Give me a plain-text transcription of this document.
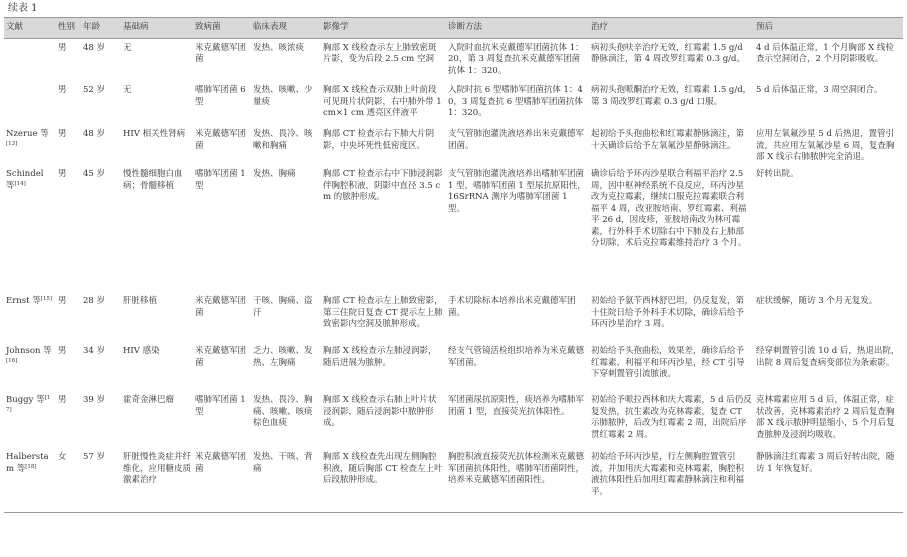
续表 1
文献	性别	年龄	基础病	致病菌	临床表现	影像学	诊断方法	治疗	预后
	男	48 岁	无	米克戴德军团菌	发热、咳浓痰	胸部 X 线检查示左上肺致密斑片影，变为后段 2.5 cm 空洞	入院时血抗米克戴德军团菌抗体 1：20，第 3 周复查抗米克戴德军团菌抗体 1：320。	病初头孢呋辛治疗无效，红霉素 1.5 g/d 静脉滴注，第 4 周改罗红霉素 0.3 g/d。	4 d 后体温正常，1 个月胸部 X 线检查示空洞闭合，2 个月阴影吸收。
	男	52 岁	无	嗜肺军团菌 6 型	发热、咳嗽、少量痰	胸部 X 线检查示双肺上叶前段可见斑片状阴影，右中肺外带 1 cm×1 cm 透亮区伴液平	入院时抗 6 型嗜肺军团菌抗体 1：40，3 周复查抗 6 型嗜肺军团菌抗体 1：320。	病初头孢哌酮治疗无效，红霉素 1.5 g/d，第 3 周改罗红霉素 0.3 g/d 口服。	5 d 后体温正常，3 周空洞闭合。
Nzerue 等[13]	男	48 岁	HIV 相关性肾病	米克戴德军团菌	发热、畏冷、咳嗽和胸痛	胸部 CT 检查示右下肺大片阴影，中央坏死性低密度区。	支气管肺泡灌洗液培养出米克戴德军团菌。	起初给予头孢曲松和红霉素静脉滴注，第十天确诊后给予左氧氟沙星静脉滴注。	应用左氧氟沙星 5 d 后热退，置管引流，共应用左氧氟沙星 6 周，复查胸部 X 线示右肺脓肿完全消退。
Schindel 等[14]	男	45 岁	慢性髓细胞白血病；骨髓移植	嗜肺军团菌 1 型	发热、胸痛	胸部 CT 检查示右中下肺浸润影伴胸腔积液，阴影中直径 3.5 cm 的脓肿形成。	支气管肺泡灌洗液培养出嗜肺军团菌 1 型，嗜肺军团菌 1 型尿抗原阳性，16SrRNA 测序为嗜肺军团菌 1 型。	确诊后给予环丙沙星联合利福平治疗 2.5 周，因中枢神经系统不良反应，环丙沙星改为克拉霉素，继续口服克拉霉素联合利福平 4 周，改亚胺培南、罗红霉素、利福平 26 d，因皮疹，亚胺培南改为林可霉素，行外科手术切除右中下肺及右上肺部分切除，术后克拉霉素维持治疗 3 个月。	好转出院。
Ernst 等[15]	男	28 岁	肝脏移植	米克戴德军团菌	干咳、胸痛、盗汗	胸部 CT 检查示左上肺致密影，第三住院日复查 CT 提示左上肺致密影内空洞及脓肿形成。	手术切除标本培养出米克戴德军团菌。	初始给予氨苄西林舒巴坦，仍反复发，第十住院日给予外科手术切除，确诊后给予环丙沙星治疗 3 周。	症状缓解，随访 3 个月无复发。
Johnson 等[16]	男	34 岁	HIV 感染	米克戴德军团菌	乏力、咳嗽、发热、左胸痛	胸部 X 线检查示左肺浸润影，随后进展为脓肿。	经支气管镜活检组织培养为米克戴德军团菌。	初始给予头孢曲松，效果差，确诊后给予红霉素、利福平和环丙沙星，经 CT 引导下穿刺置管引流脓液。	经穿刺置管引流 10 d 后，热退出院，出院 8 周后复查病变部位为条索影。
Buggy 等[17]	男	39 岁	霍奇金淋巴瘤	嗜肺军团菌 1 型	发热、畏冷、胸痛、咳嗽、咳痰棕色血痰	胸部 X 线检查示右肺上叶片状浸润影，随后浸润影中脓肿形成。	军团菌尿抗原阳性，痰培养为嗜肺军团菌 1 型，直接荧光抗体阳性。	初始给予哌拉西林和庆大霉素，5 d 后仍反复发热，抗生素改为克林霉素，复查 CT 示肺脓肿，后改为红霉素 2 周，出院后序贯红霉素 2 周。	克林霉素应用 5 d 后，体温正常，症状改善，克林霉素治疗 2 周后复查胸部 X 线示脓肿明显缩小，5 个月后复查脓肿及浸润均吸收。
Halberstam 等[18]	女	57 岁	肝脏慢性炎症并纤维化，应用糖皮质激素治疗	米克戴德军团菌	发热、干咳、背痛	胸部 X 线检查先出现左侧胸腔积液，随后胸部 CT 检查左上叶后段脓肿形成。	胸腔积液直接荧光抗体检测米克戴德军团菌抗体阳性，嗜肺军团菌阴性，培养米克戴德军团菌阳性。	初始给予环丙沙星，行左侧胸腔置管引流，并加用庆大霉素和克林霉素，胸腔积液抗体阳性后加用红霉素静脉滴注和利福平。	静脉滴注红霉素 3 周后好转出院，随访 1 年恢复好。
